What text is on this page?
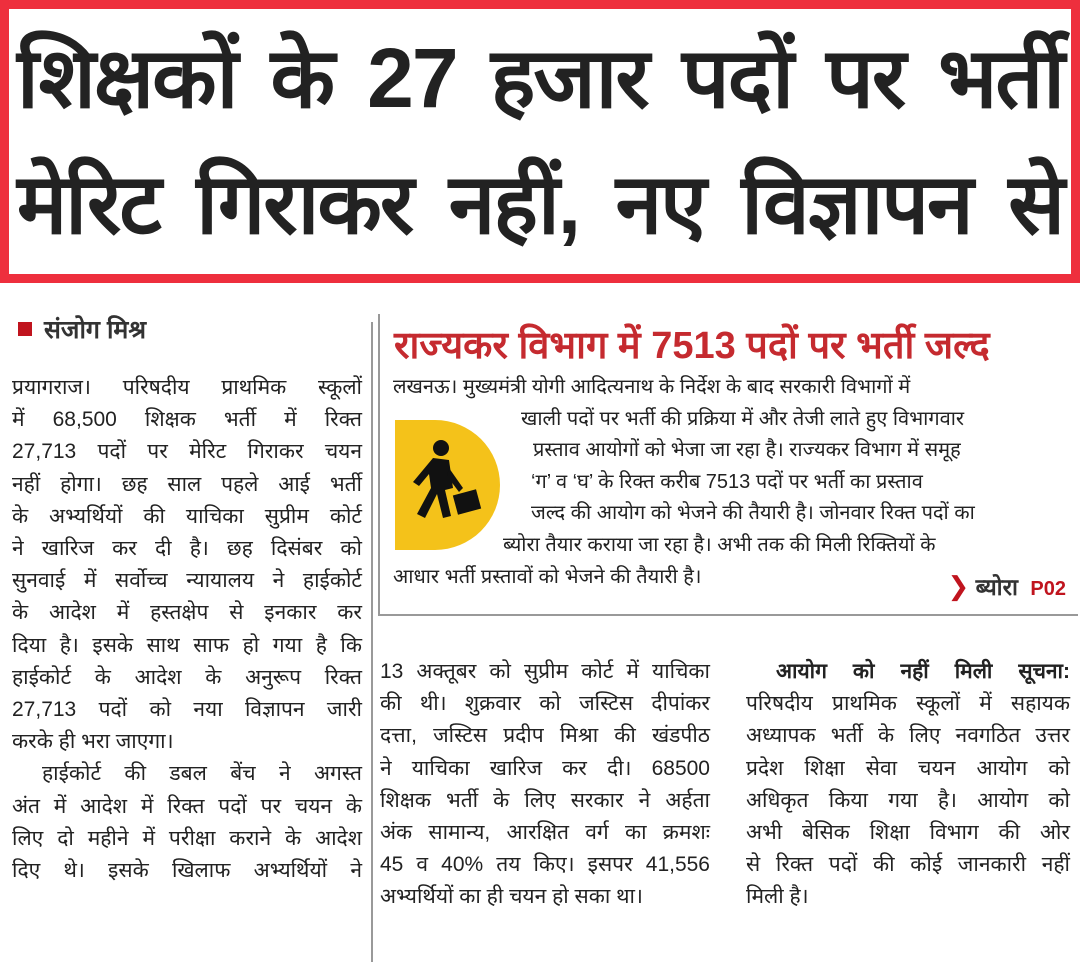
शिक्षकों के 27 हजार पदों पर भर्ती
मेरिट गिराकर नहीं, नए विज्ञापन से
संजोग मिश्र
प्रयागराज। परिषदीय प्राथमिक स्कूलों
में 68,500 शिक्षक भर्ती में रिक्त
27,713 पदों पर मेरिट गिराकर चयन
नहीं होगा। छह साल पहले आई भर्ती
के अभ्यर्थियों की याचिका सुप्रीम कोर्ट
ने खारिज कर दी है। छह दिसंबर को
सुनवाई में सर्वोच्च न्यायालय ने हाईकोर्ट
के आदेश में हस्तक्षेप से इनकार कर
दिया है। इसके साथ साफ हो गया है कि
हाईकोर्ट के आदेश के अनुरूप रिक्त
27,713 पदों को नया विज्ञापन जारी
करके ही भरा जाएगा।
हाईकोर्ट की डबल बेंच ने अगस्त
अंत में आदेश में रिक्त पदों पर चयन के
लिए दो महीने में परीक्षा कराने के आदेश
दिए थे। इसके खिलाफ अभ्यर्थियों ने
राज्यकर विभाग में 7513 पदों पर भर्ती जल्द
लखनऊ। मुख्यमंत्री योगी आदित्यनाथ के निर्देश के बाद सरकारी विभागों में
खाली पदों पर भर्ती की प्रक्रिया में और तेजी लाते हुए विभागवार
प्रस्ताव आयोगों को भेजा जा रहा है। राज्यकर विभाग में समूह
‘ग’ व ‘घ’ के रिक्त करीब 7513 पदों पर भर्ती का प्रस्ताव
जल्द की आयोग को भेजने की तैयारी है। जोनवार रिक्त पदों का
ब्योरा तैयार कराया जा रहा है। अभी तक की मिली रिक्तियों के
आधार भर्ती प्रस्तावों को भेजने की तैयारी है।	❯ ब्योरा P02
13 अक्तूबर को सुप्रीम कोर्ट में याचिका
की थी। शुक्रवार को जस्टिस दीपांकर
दत्ता, जस्टिस प्रदीप मिश्रा की खंडपीठ
ने याचिका खारिज कर दी। 68500
शिक्षक भर्ती के लिए सरकार ने अर्हता
अंक सामान्य, आरक्षित वर्ग का क्रमशः
45 व 40% तय किए। इसपर 41,556
अभ्यर्थियों का ही चयन हो सका था।
आयोग को नहीं मिली सूचना:
परिषदीय प्राथमिक स्कूलों में सहायक
अध्यापक भर्ती के लिए नवगठित उत्तर
प्रदेश शिक्षा सेवा चयन आयोग को
अधिकृत किया गया है। आयोग को
अभी बेसिक शिक्षा विभाग की ओर
से रिक्त पदों की कोई जानकारी नहीं
मिली है।
